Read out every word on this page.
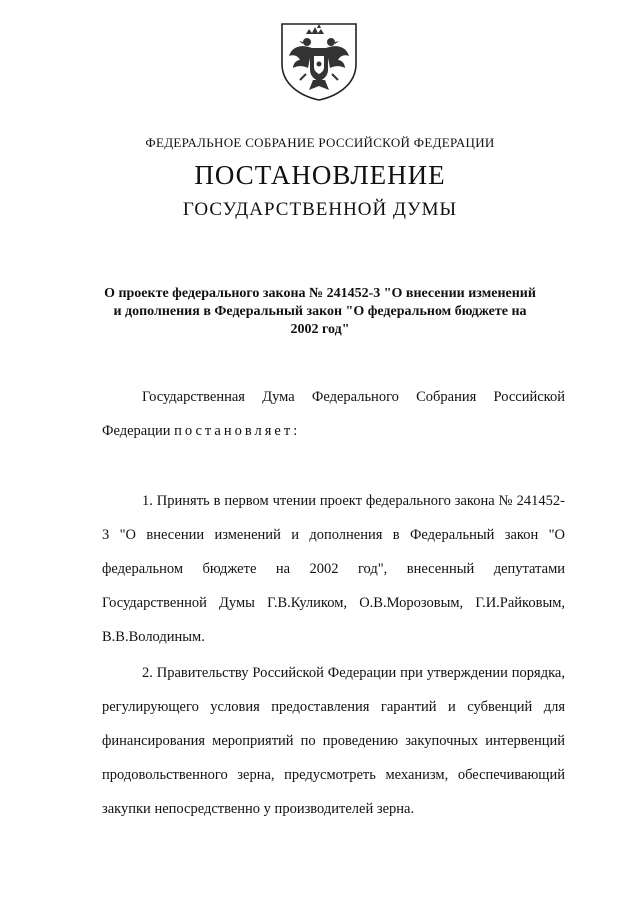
ФЕДЕРАЛЬНОЕ СОБРАНИЕ РОССИЙСКОЙ ФЕДЕРАЦИИ
ПОСТАНОВЛЕНИЕ
ГОСУДАРСТВЕННОЙ ДУМЫ
О проекте федерального закона № 241452-3 "О внесении изменений и дополнения в Федеральный закон "О федеральном бюджете на 2002 год"
Государственная Дума Федерального Собрания Российской Федерации постановляет:
1. Принять в первом чтении проект федерального закона № 241452-3 "О внесении изменений и дополнения в Федеральный закон "О федеральном бюджете на 2002 год", внесенный депутатами Государственной Думы Г.В.Куликом, О.В.Морозовым, Г.И.Райковым, В.В.Володиным.
2. Правительству Российской Федерации при утверждении порядка, регулирующего условия предоставления гарантий и субвенций для финансирования мероприятий по проведению закупочных интервенций продовольственного зерна, предусмотреть механизм, обеспечивающий закупки непосредственно у производителей зерна.
